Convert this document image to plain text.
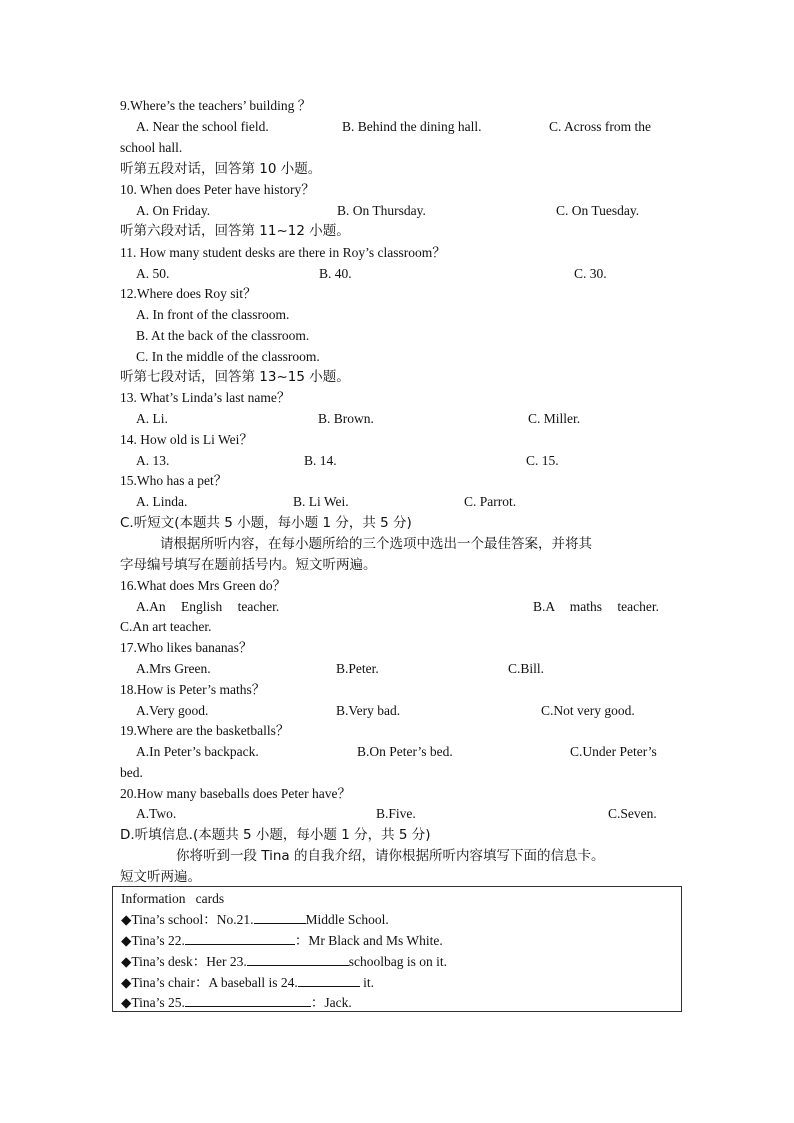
9.Where’s the teachers’ building ？
A. Near the school field.	B. Behind the dining hall.	C. Across from the
school hall.
听第五段对话，回答第 10 小题。
10. When does Peter have history？
A. On Friday.	B. On Thursday.	C. On Tuesday.
听第六段对话，回答第 11~12 小题。
11. How many student desks are there in Roy’s classroom？
A. 50.	B. 40.	C. 30.
12.Where does Roy sit？
A. In front of the classroom.
B. At the back of the classroom.
C. In the middle of the classroom.
听第七段对话，回答第 13~15 小题。
13. What’s Linda’s last name？
A. Li.	B. Brown.	C. Miller.
14. How old is Li Wei？
A. 13.	B. 14.	C. 15.
15.Who has a pet？
A. Linda.	B. Li Wei.	C. Parrot.
C.听短文(本题共 5 小题，每小题 1 分，共 5 分)
请根据所听内容，在每小题所给的三个选项中选出一个最佳答案，并将其
字母编号填写在题前括号内。短文听两遍。
16.What does Mrs Green do？
A.An English teacher.	B.A maths teacher.
C.An art teacher.
17.Who likes bananas？
A.Mrs Green.	B.Peter.	C.Bill.
18.How is Peter’s maths？
A.Very good.	B.Very bad.	C.Not very good.
19.Where are the basketballs？
A.In Peter’s backpack.	B.On Peter’s bed.	C.Under Peter’s
bed.
20.How many baseballs does Peter have？
A.Two.	B.Five.	C.Seven.
D.听填信息.(本题共 5 小题，每小题 1 分，共 5 分)
你将听到一段 Tina 的自我介绍，请你根据所听内容填写下面的信息卡。
短文听两遍。
Information   cards
◆Tina’s school：No.21.	Middle School.
◆Tina’s 22.	：Mr Black and Ms White.
◆Tina’s desk：Her 23.	schoolbag is on it.
◆Tina’s chair：A baseball is 24.	it.
◆Tina’s 25.	：Jack.
